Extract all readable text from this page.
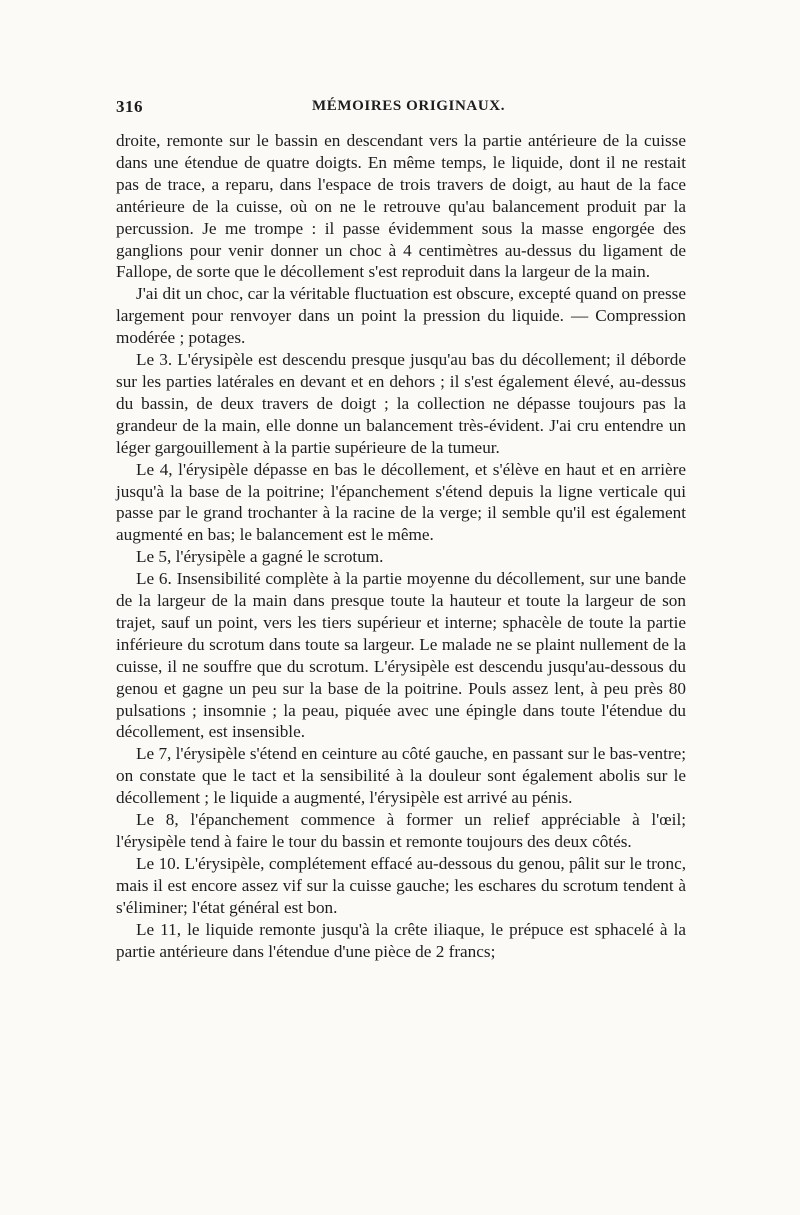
316	MÉMOIRES ORIGINAUX.

droite, remonte sur le bassin en descendant vers la partie antérieure de la cuisse dans une étendue de quatre doigts. En même temps, le liquide, dont il ne restait pas de trace, a reparu, dans l'espace de trois travers de doigt, au haut de la face antérieure de la cuisse, où on ne le retrouve qu'au balancement produit par la percussion. Je me trompe : il passe évidemment sous la masse engorgée des ganglions pour venir donner un choc à 4 centimètres au-dessus du ligament de Fallope, de sorte que le décollement s'est reproduit dans la largeur de la main.

J'ai dit un choc, car la véritable fluctuation est obscure, excepté quand on presse largement pour renvoyer dans un point la pression du liquide. — Compression modérée ; potages.

Le 3. L'érysipèle est descendu presque jusqu'au bas du décollement; il déborde sur les parties latérales en devant et en dehors ; il s'est également élevé, au-dessus du bassin, de deux travers de doigt ; la collection ne dépasse toujours pas la grandeur de la main, elle donne un balancement très-évident. J'ai cru entendre un léger gargouillement à la partie supérieure de la tumeur.

Le 4, l'érysipèle dépasse en bas le décollement, et s'élève en haut et en arrière jusqu'à la base de la poitrine; l'épanchement s'étend depuis la ligne verticale qui passe par le grand trochanter à la racine de la verge; il semble qu'il est également augmenté en bas; le balancement est le même.

Le 5, l'érysipèle a gagné le scrotum.

Le 6. Insensibilité complète à la partie moyenne du décollement, sur une bande de la largeur de la main dans presque toute la hauteur et toute la largeur de son trajet, sauf un point, vers les tiers supérieur et interne; sphacèle de toute la partie inférieure du scrotum dans toute sa largeur. Le malade ne se plaint nullement de la cuisse, il ne souffre que du scrotum. L'érysipèle est descendu jusqu'au-dessous du genou et gagne un peu sur la base de la poitrine. Pouls assez lent, à peu près 80 pulsations ; insomnie ; la peau, piquée avec une épingle dans toute l'étendue du décollement, est insensible.

Le 7, l'érysipèle s'étend en ceinture au côté gauche, en passant sur le bas-ventre; on constate que le tact et la sensibilité à la douleur sont également abolis sur le décollement ; le liquide a augmenté, l'érysipèle est arrivé au pénis.

Le 8, l'épanchement commence à former un relief appréciable à l'œil; l'érysipèle tend à faire le tour du bassin et remonte toujours des deux côtés.

Le 10. L'érysipèle, complétement effacé au-dessous du genou, pâlit sur le tronc, mais il est encore assez vif sur la cuisse gauche; les eschares du scrotum tendent à s'éliminer; l'état général est bon.

Le 11, le liquide remonte jusqu'à la crête iliaque, le prépuce est sphacelé à la partie antérieure dans l'étendue d'une pièce de 2 francs;
